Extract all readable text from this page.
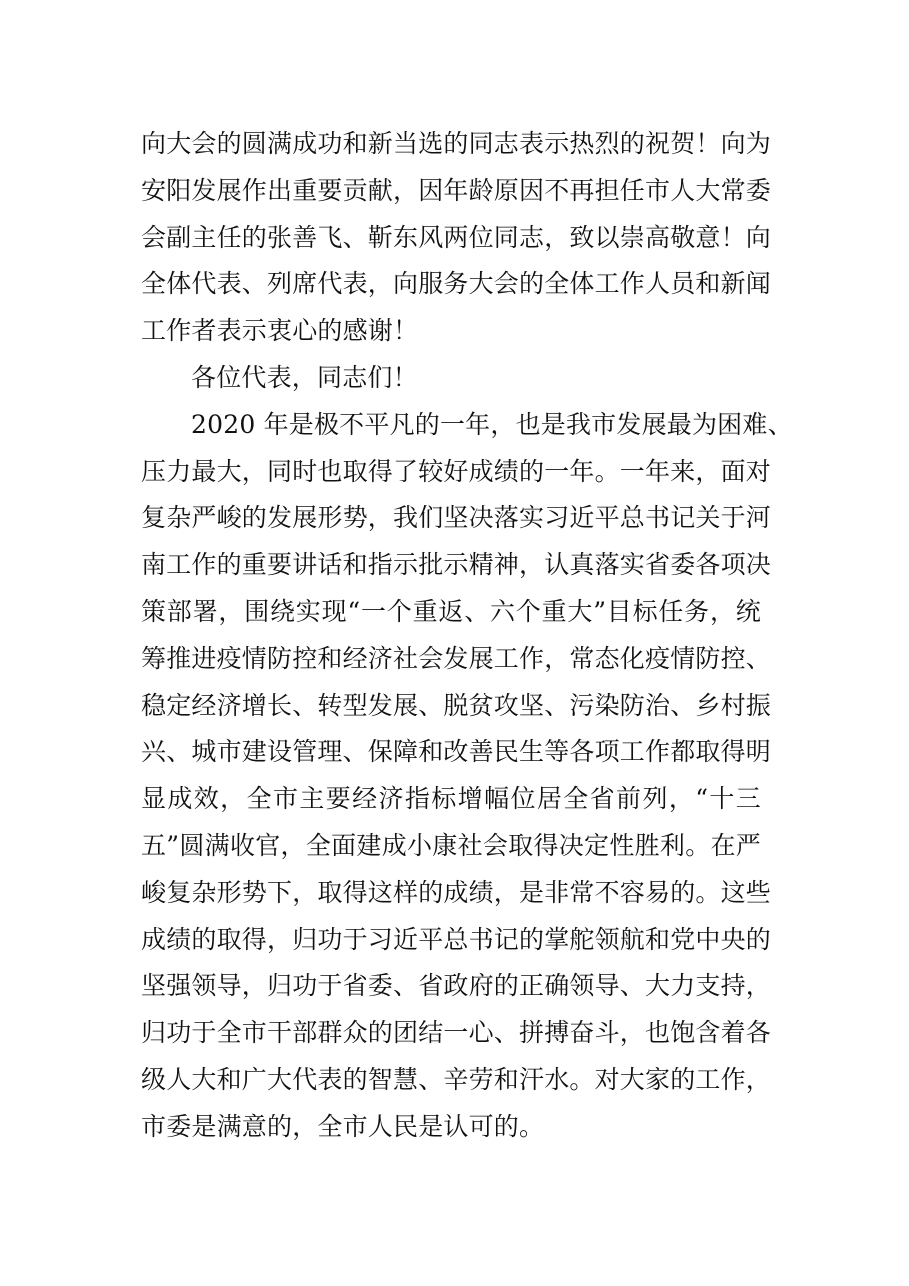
向大会的圆满成功和新当选的同志表示热烈的祝贺！向为
安阳发展作出重要贡献，因年龄原因不再担任市人大常委
会副主任的张善飞、靳东风两位同志，致以崇高敬意！向
全体代表、列席代表，向服务大会的全体工作人员和新闻
工作者表示衷心的感谢！
各位代表，同志们！
2020 年是极不平凡的一年，也是我市发展最为困难、
压力最大，同时也取得了较好成绩的一年。一年来，面对
复杂严峻的发展形势，我们坚决落实习近平总书记关于河
南工作的重要讲话和指示批示精神，认真落实省委各项决
策部署，围绕实现“一个重返、六个重大”目标任务，统
筹推进疫情防控和经济社会发展工作，常态化疫情防控、
稳定经济增长、转型发展、脱贫攻坚、污染防治、乡村振
兴、城市建设管理、保障和改善民生等各项工作都取得明
显成效，全市主要经济指标增幅位居全省前列，“十三
五”圆满收官，全面建成小康社会取得决定性胜利。在严
峻复杂形势下，取得这样的成绩，是非常不容易的。这些
成绩的取得，归功于习近平总书记的掌舵领航和党中央的
坚强领导，归功于省委、省政府的正确领导、大力支持，
归功于全市干部群众的团结一心、拼搏奋斗，也饱含着各
级人大和广大代表的智慧、辛劳和汗水。对大家的工作，
市委是满意的，全市人民是认可的。
